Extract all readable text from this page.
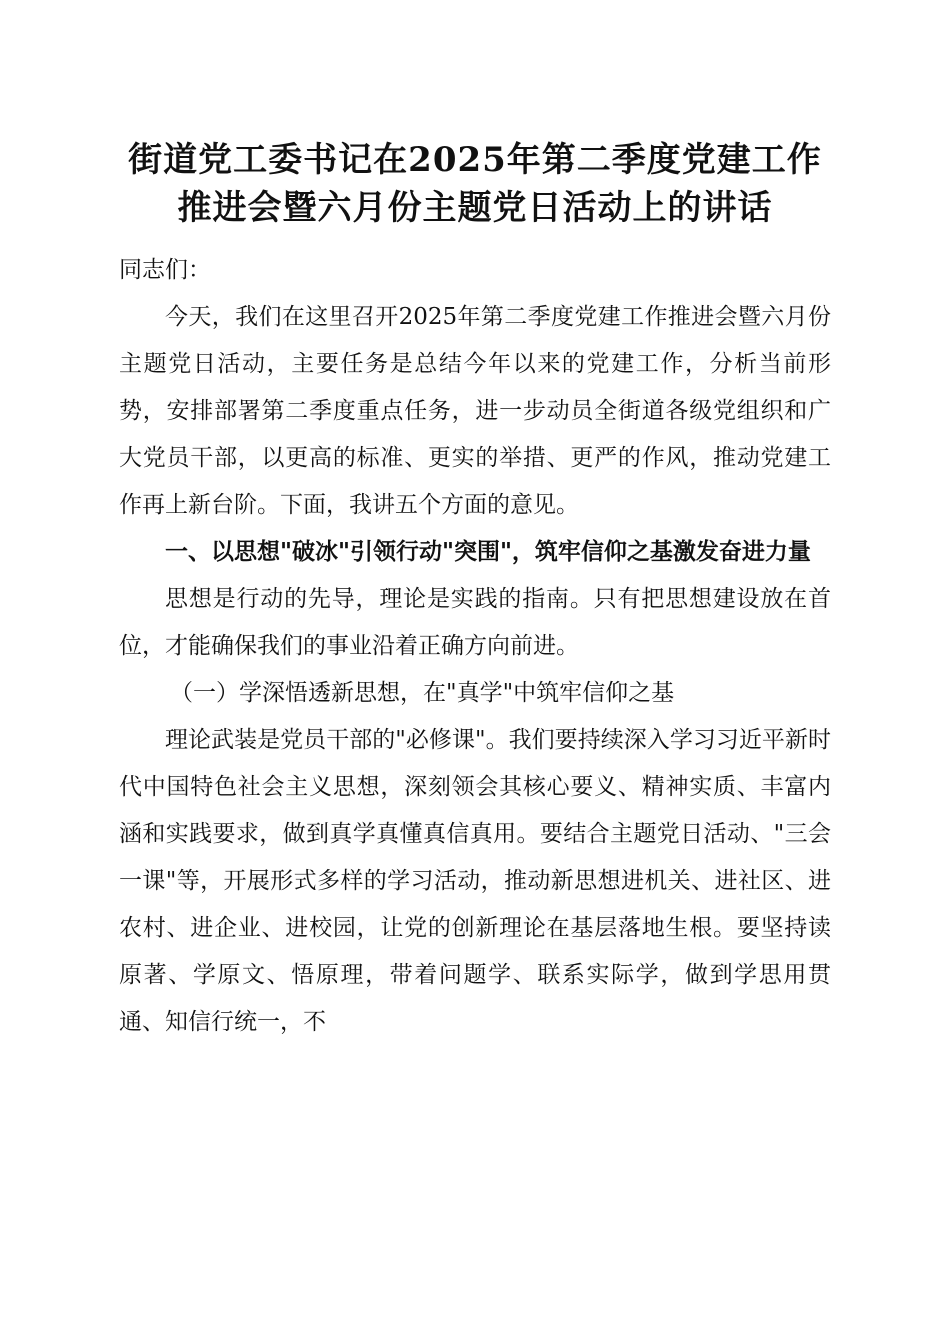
街道党工委书记在2025年第二季度党建工作
推进会暨六月份主题党日活动上的讲话

同志们：

今天，我们在这里召开2025年第二季度党建工作推进会暨六月份主题党日活动，主要任务是总结今年以来的党建工作，分析当前形势，安排部署第二季度重点任务，进一步动员全街道各级党组织和广大党员干部，以更高的标准、更实的举措、更严的作风，推动党建工作再上新台阶。下面，我讲五个方面的意见。

一、以思想"破冰"引领行动"突围"，筑牢信仰之基激发奋进力量

思想是行动的先导，理论是实践的指南。只有把思想建设放在首位，才能确保我们的事业沿着正确方向前进。

（一）学深悟透新思想，在"真学"中筑牢信仰之基

理论武装是党员干部的"必修课"。我们要持续深入学习习近平新时代中国特色社会主义思想，深刻领会其核心要义、精神实质、丰富内涵和实践要求，做到真学真懂真信真用。要结合主题党日活动、"三会一课"等，开展形式多样的学习活动，推动新思想进机关、进社区、进农村、进企业、进校园，让党的创新理论在基层落地生根。要坚持读原著、学原文、悟原理，带着问题学、联系实际学，做到学思用贯通、知信行统一，不
